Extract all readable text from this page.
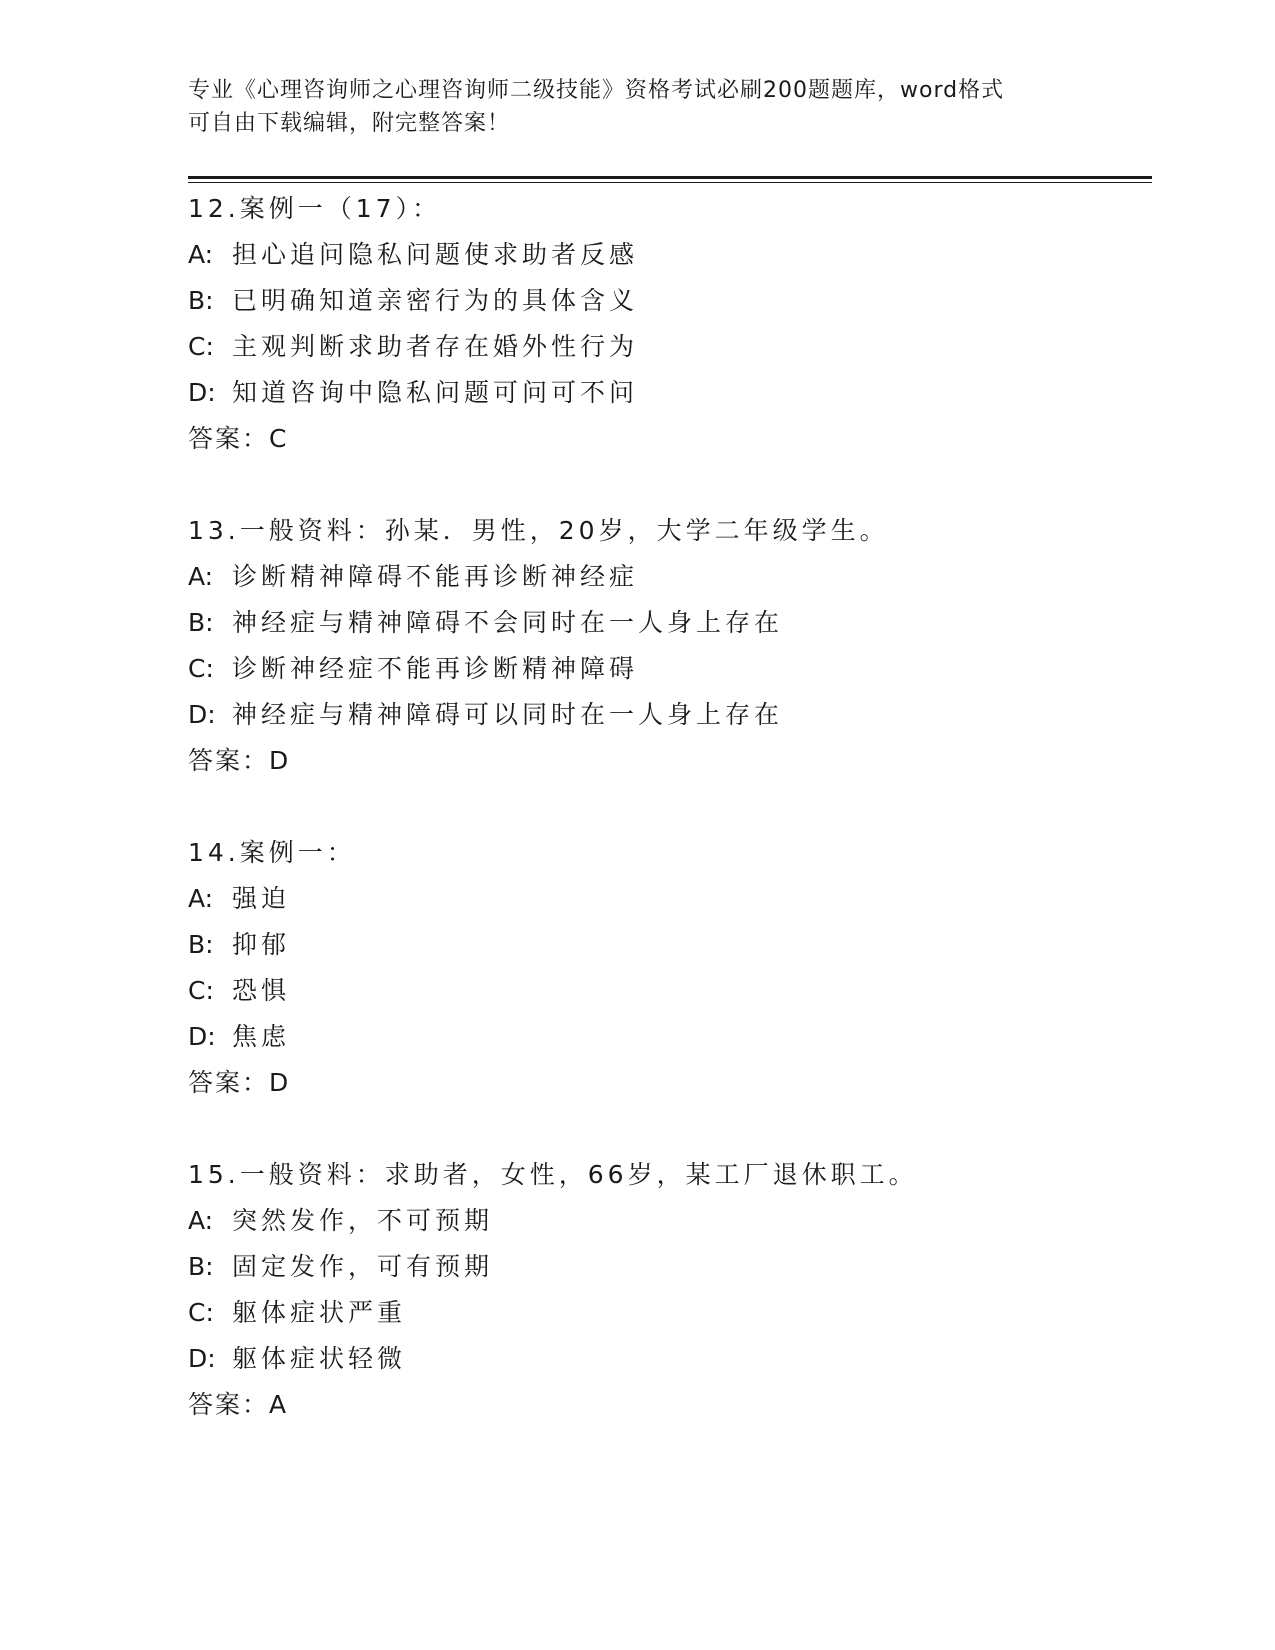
专业《心理咨询师之心理咨询师二级技能》资格考试必刷200题题库，word格式
可自由下载编辑，附完整答案！
12.案例一（17）：
A: 担心追问隐私问题使求助者反感
B: 已明确知道亲密行为的具体含义
C: 主观判断求助者存在婚外性行为
D: 知道咨询中隐私问题可问可不问
答案：C
13.一般资料：孙某．男性，20岁，大学二年级学生。
A: 诊断精神障碍不能再诊断神经症
B: 神经症与精神障碍不会同时在一人身上存在
C: 诊断神经症不能再诊断精神障碍
D: 神经症与精神障碍可以同时在一人身上存在
答案：D
14.案例一：
A: 强迫
B: 抑郁
C: 恐惧
D: 焦虑
答案：D
15.一般资料：求助者，女性，66岁，某工厂退休职工。
A: 突然发作，不可预期
B: 固定发作，可有预期
C: 躯体症状严重
D: 躯体症状轻微
答案：A
